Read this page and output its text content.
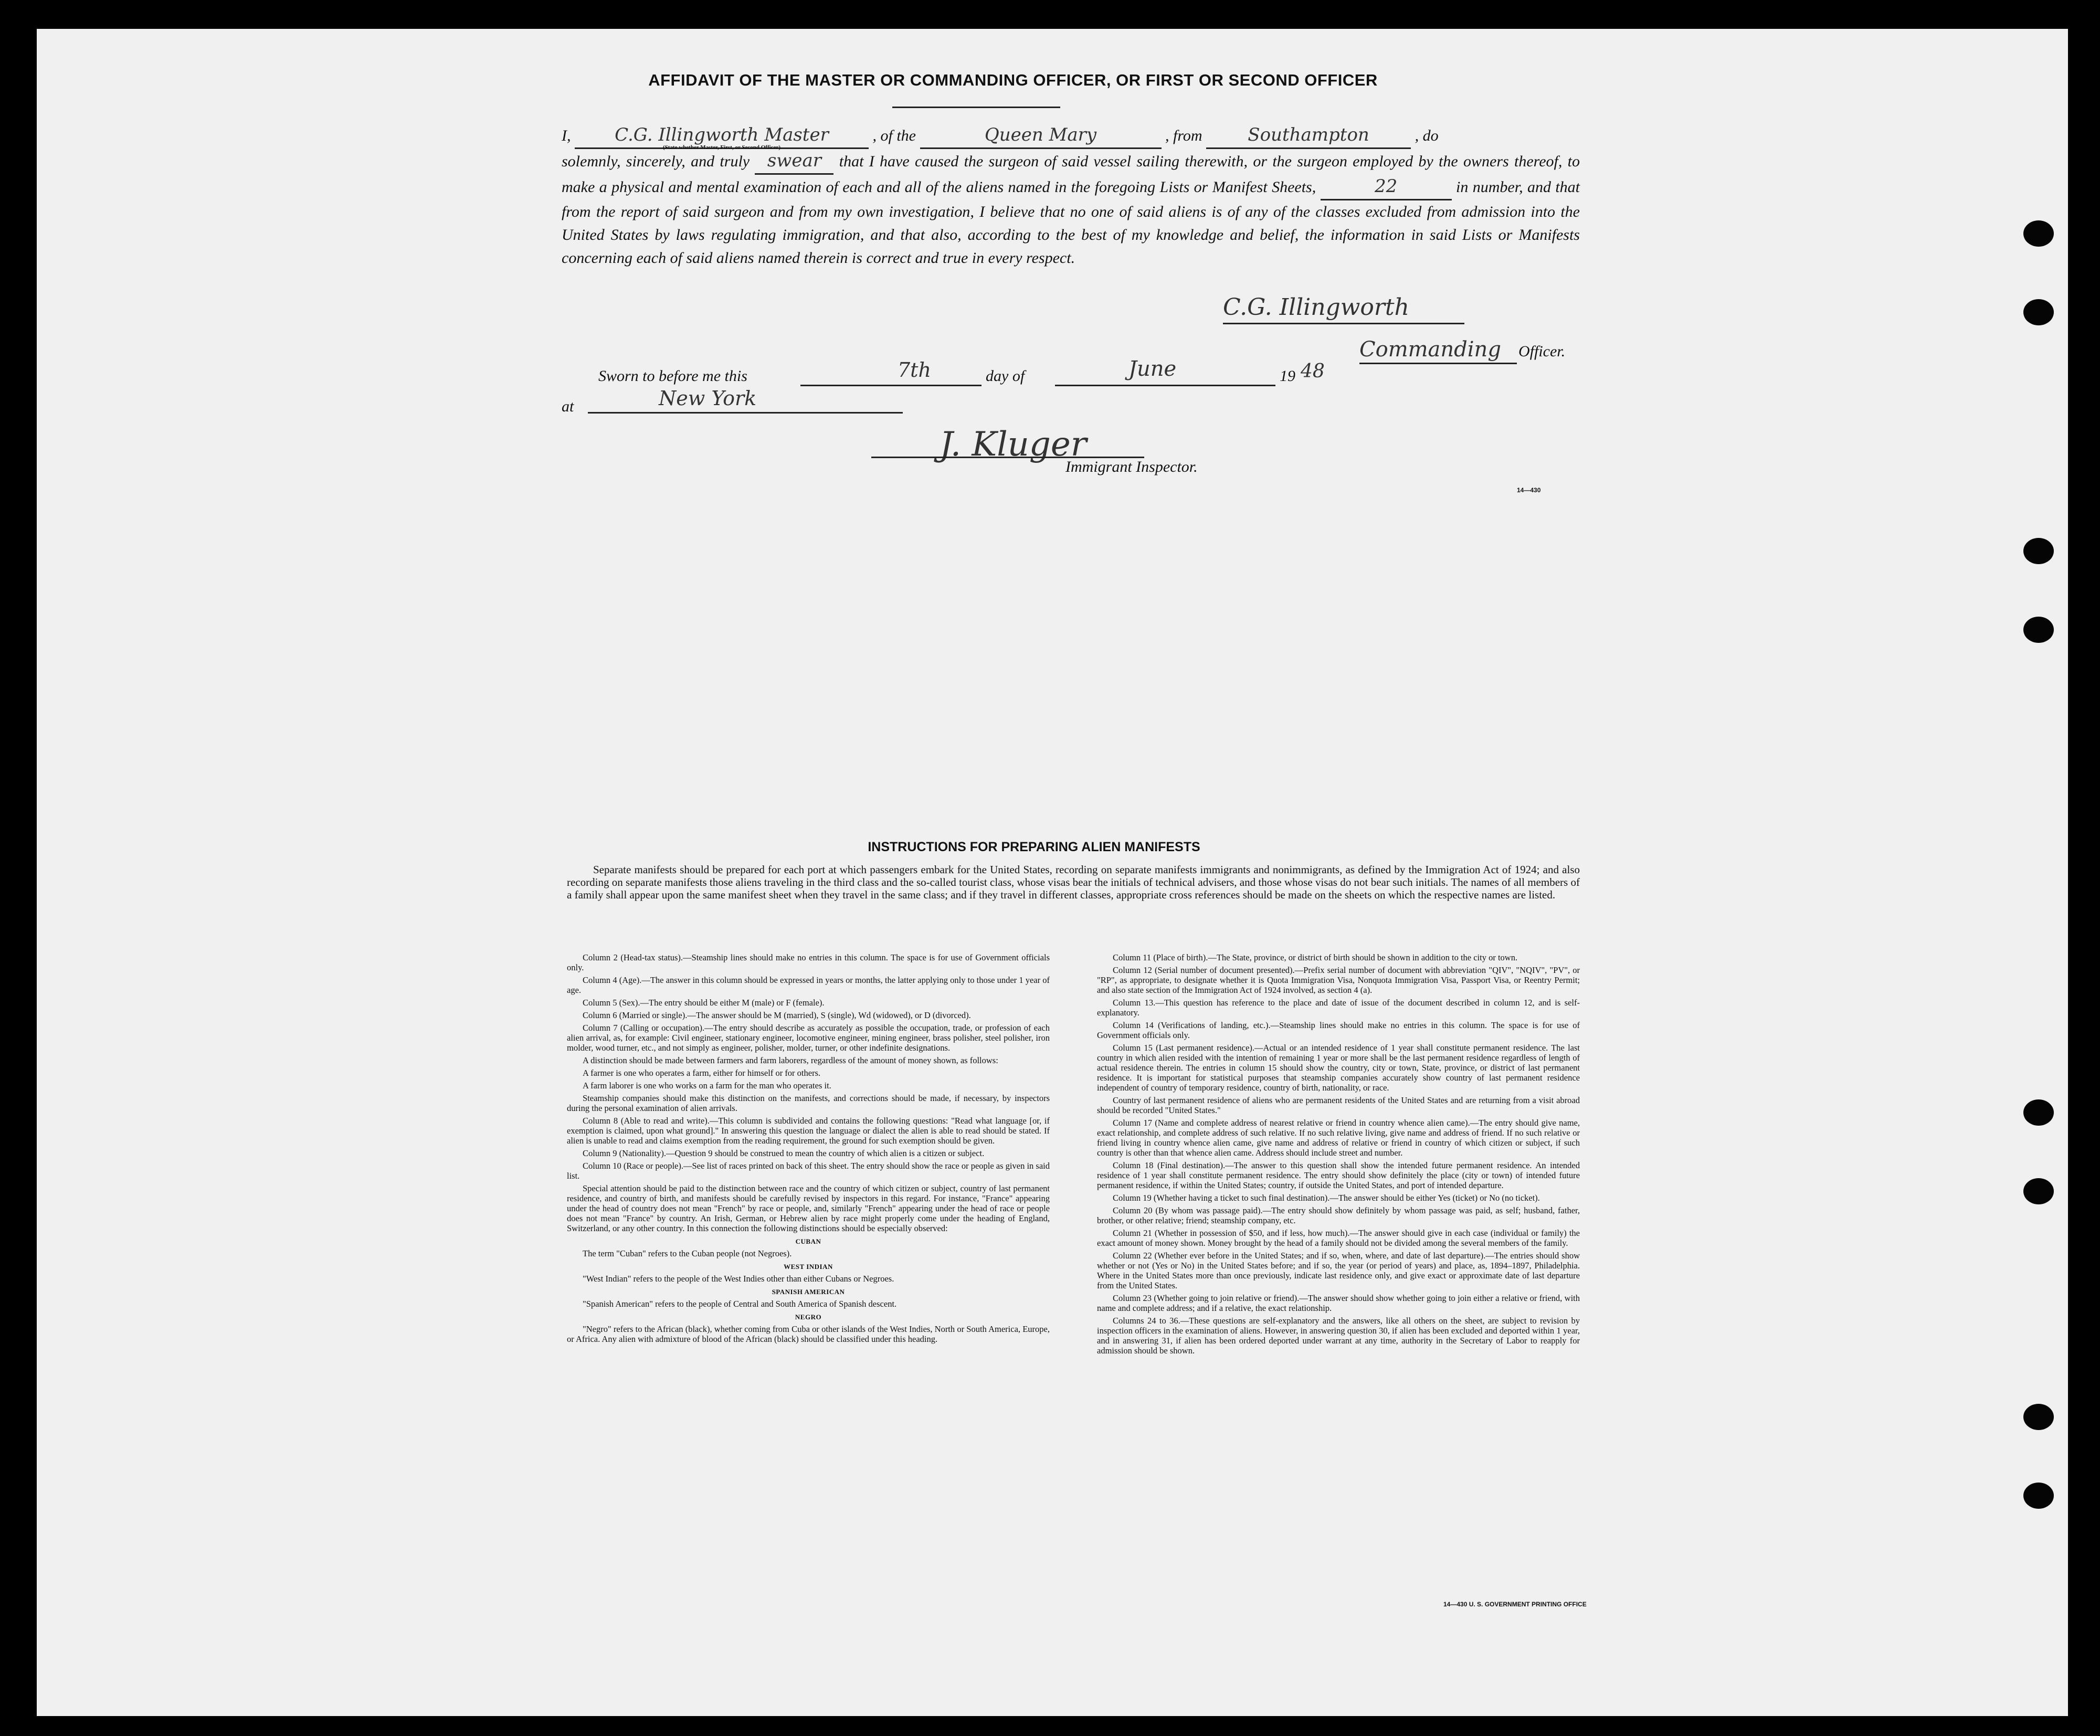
AFFIDAVIT OF THE MASTER OR COMMANDING OFFICER, OR FIRST OR SECOND OFFICER
I, C.G. Illingworth Master
(State whether Master, First, or Second Officer)
, of the	Queen Mary	, from	Southampton	, do
solemnly, sincerely, and truly swear that I have caused the surgeon of said vessel sailing therewith, or the surgeon employed by the owners thereof, to make a physical and mental examination of each and all of the aliens named in the foregoing Lists or Manifest Sheets,	22	in number, and that from the report of said surgeon and from my own investigation, I believe that no one of said aliens is of any of the classes excluded from admission into the United States by laws regulating immigration, and that also, according to the best of my knowledge and belief, the information in said Lists or Manifests concerning each of said aliens named therein is correct and true in every respect.
C.G. Illingworth
Commanding Officer.
Sworn to before me this	7th	day of	June	19 48
at	New York
J. Kluger
Immigrant Inspector.
14—430
INSTRUCTIONS FOR PREPARING ALIEN MANIFESTS
Separate manifests should be prepared for each port at which passengers embark for the United States, recording on separate manifests immigrants and nonimmigrants, as defined by the Immigration Act of 1924; and also recording on separate manifests those aliens traveling in the third class and the so-called tourist class, whose visas bear the initials of technical advisers, and those whose visas do not bear such initials. The names of all members of a family shall appear upon the same manifest sheet when they travel in the same class; and if they travel in different classes, appropriate cross references should be made on the sheets on which the respective names are listed.

Column 2 (Head-tax status).—Steamship lines should make no entries in this column. The space is for use of Government officials only.

Column 4 (Age).—The answer in this column should be expressed in years or months, the latter applying only to those under 1 year of age.

Column 5 (Sex).—The entry should be either M (male) or F (female).

Column 6 (Married or single).—The answer should be M (married), S (single), Wd (widowed), or D (divorced).

Column 7 (Calling or occupation).—The entry should describe as accurately as possible the occupation, trade, or profession of each alien arrival, as, for example: Civil engineer, stationary engineer, locomotive engineer, mining engineer, brass polisher, steel polisher, iron molder, wood turner, etc., and not simply as engineer, polisher, molder, turner, or other indefinite designations.

A distinction should be made between farmers and farm laborers, regardless of the amount of money shown, as follows:

A farmer is one who operates a farm, either for himself or for others.

A farm laborer is one who works on a farm for the man who operates it.

Steamship companies should make this distinction on the manifests, and corrections should be made, if necessary, by inspectors during the personal examination of alien arrivals.

Column 8 (Able to read and write).—This column is subdivided and contains the following questions: "Read what language [or, if exemption is claimed, upon what ground]." In answering this question the language or dialect the alien is able to read should be stated. If alien is unable to read and claims exemption from the reading requirement, the ground for such exemption should be given.

Column 9 (Nationality).—Question 9 should be construed to mean the country of which alien is a citizen or subject.

Column 10 (Race or people).—See list of races printed on back of this sheet. The entry should show the race or people as given in said list.

Special attention should be paid to the distinction between race and the country of which citizen or subject, country of last permanent residence, and country of birth, and manifests should be carefully revised by inspectors in this regard. For instance, "France" appearing under the head of country does not mean "French" by race or people, and, similarly "French" appearing under the head of race or people does not mean "France" by country. An Irish, German, or Hebrew alien by race might properly come under the heading of England, Switzerland, or any other country. In this connection the following distinctions should be especially observed:

CUBAN

The term "Cuban" refers to the Cuban people (not Negroes).

WEST INDIAN

"West Indian" refers to the people of the West Indies other than either Cubans or Negroes.

SPANISH AMERICAN

"Spanish American" refers to the people of Central and South America of Spanish descent.

NEGRO

"Negro" refers to the African (black), whether coming from Cuba or other islands of the West Indies, North or South America, Europe, or Africa. Any alien with admixture of blood of the African (black) should be classified under this heading.

Column 11 (Place of birth).—The State, province, or district of birth should be shown in addition to the city or town.

Column 12 (Serial number of document presented).—Prefix serial number of document with abbreviation "QIV", "NQIV", "PV", or "RP", as appropriate, to designate whether it is Quota Immigration Visa, Nonquota Immigration Visa, Passport Visa, or Reentry Permit; and also state section of the Immigration Act of 1924 involved, as section 4 (a).

Column 13.—This question has reference to the place and date of issue of the document described in column 12, and is self-explanatory.

Column 14 (Verifications of landing, etc.).—Steamship lines should make no entries in this column. The space is for use of Government officials only.

Column 15 (Last permanent residence).—Actual or an intended residence of 1 year shall constitute permanent residence. The last country in which alien resided with the intention of remaining 1 year or more shall be the last permanent residence regardless of length of actual residence therein. The entries in column 15 should show the country, city or town, State, province, or district of last permanent residence. It is important for statistical purposes that steamship companies accurately show country of last permanent residence independent of country of temporary residence, country of birth, nationality, or race.

Country of last permanent residence of aliens who are permanent residents of the United States and are returning from a visit abroad should be recorded "United States."

Column 17 (Name and complete address of nearest relative or friend in country whence alien came).—The entry should give name, exact relationship, and complete address of such relative. If no such relative living, give name and address of friend. If no such relative or friend living in country whence alien came, give name and address of relative or friend in country of which citizen or subject, if such country is other than that whence alien came. Address should include street and number.

Column 18 (Final destination).—The answer to this question shall show the intended future permanent residence. An intended residence of 1 year shall constitute permanent residence. The entry should show definitely the place (city or town) of intended future permanent residence, if within the United States; country, if outside the United States, and port of intended departure.

Column 19 (Whether having a ticket to such final destination).—The answer should be either Yes (ticket) or No (no ticket).

Column 20 (By whom was passage paid).—The entry should show definitely by whom passage was paid, as self; husband, father, brother, or other relative; friend; steamship company, etc.

Column 21 (Whether in possession of $50, and if less, how much).—The answer should give in each case (individual or family) the exact amount of money shown. Money brought by the head of a family should not be divided among the several members of the family.

Column 22 (Whether ever before in the United States; and if so, when, where, and date of last departure).—The entries should show whether or not (Yes or No) in the United States before; and if so, the year (or period of years) and place, as, 1894–1897, Philadelphia. Where in the United States more than once previously, indicate last residence only, and give exact or approximate date of last departure from the United States.

Column 23 (Whether going to join relative or friend).—The answer should show whether going to join either a relative or friend, with name and complete address; and if a relative, the exact relationship.

Columns 24 to 36.—These questions are self-explanatory and the answers, like all others on the sheet, are subject to revision by inspection officers in the examination of aliens. However, in answering question 30, if alien has been excluded and deported within 1 year, and in answering 31, if alien has been ordered deported under warrant at any time, authority in the Secretary of Labor to reapply for admission should be shown.

14—430 U. S. GOVERNMENT PRINTING OFFICE
